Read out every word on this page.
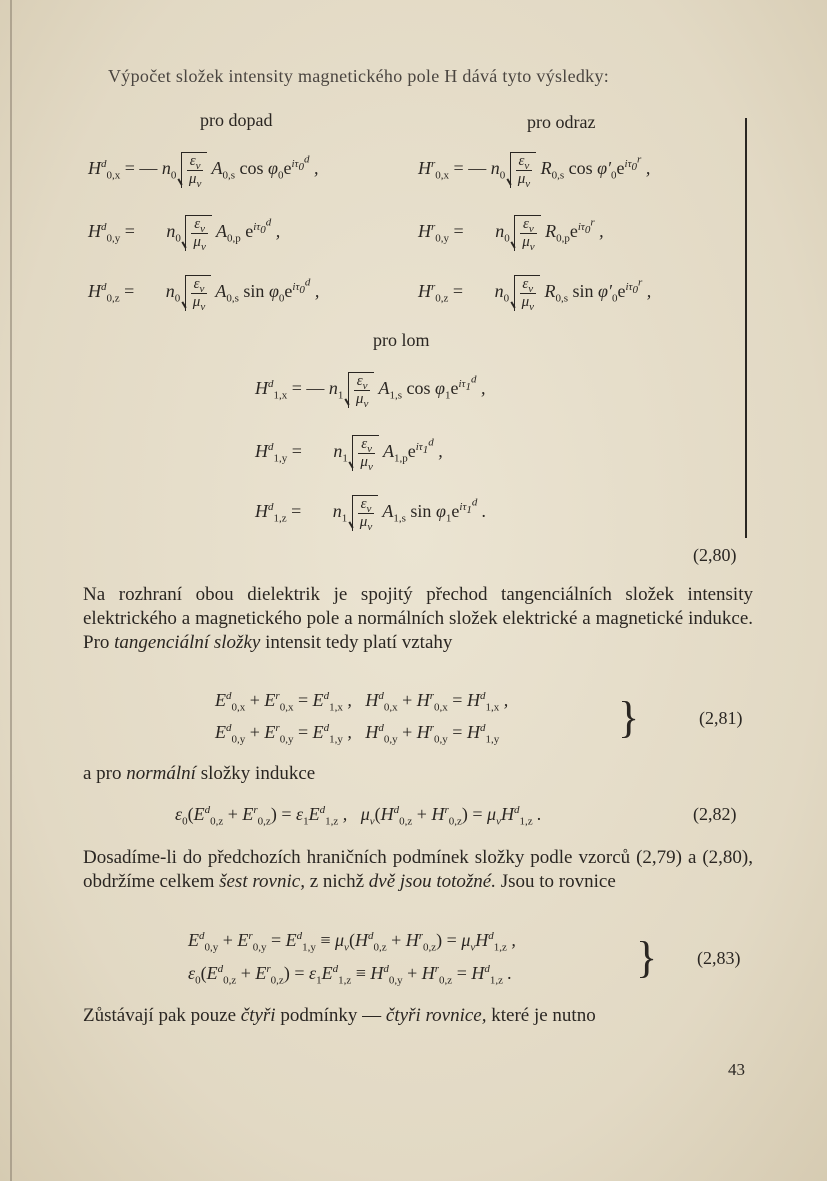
Výpočet složek intensity magnetického pole H dává tyto výsledky:
pro dopad	pro odraz
$H^d_{0,x}$ = — $n_0 \frac{\varepsilon_v}{\mu_v} A_{0,s}$ $\cos \varphi_0e^{i\tau_0^d}$ ,	$H^r_{0,x}$ = — $n_0 \frac{\varepsilon_v}{\mu_v} R_{0,s}$ $\cos \varphi'_0e^{i\tau_0^r}$ ,
$H^d_{0,y}$ =       $n_0 \frac{\varepsilon_v}{\mu_v} A_{0,p}$ $e^{i\tau_0^d}$ ,	$H^r_{0,y}$ =       $n_0 \frac{\varepsilon_v}{\mu_v} R_{0,p}e^{i\tau_0^r}$ ,
$H^d_{0,z}$ =       $n_0 \frac{\varepsilon_v}{\mu_v} A_{0,s}$ $\sin \varphi_0e^{i\tau_0^d}$ ,	$H^r_{0,z}$ =       $n_0 \frac{\varepsilon_v}{\mu_v} R_{0,s}$ $\sin \varphi'_0e^{i\tau_0^r}$ ,
pro lom
$H^d_{1,x}$ = — $n_1 \frac{\varepsilon_v}{\mu_v} A_{1,s}$ $\cos \varphi_1e^{i\tau_1^d}$ ,
$H^d_{1,y}$ =       $n_1 \frac{\varepsilon_v}{\mu_v} A_{1,p}e^{i\tau_1^d}$ ,
$H^d_{1,z}$ =       $n_1 \frac{\varepsilon_v}{\mu_v} A_{1,s}$ $\sin \varphi_1e^{i\tau_1^d}$ .
(2,80)
Na rozhraní obou dielektrik je spojitý přechod tangenciálních složek intensity elektrického a magnetického pole a normálních složek elektrické a magnetické indukce. Pro tangenciální složky intensit tedy platí vztahy
$E^d_{0,x} + E^r_{0,x} = E^d_{1,x}$ ,   $H^d_{0,x} + H^r_{0,x} = H^d_{1,x}$ ,
$E^d_{0,y} + E^r_{0,y} = E^d_{1,y}$ ,   $H^d_{0,y} + H^r_{0,y} = H^d_{1,y}$	}	(2,81)
a pro normální složky indukce
$\varepsilon_0(E^d_{0,z} + E^r_{0,z}) = \varepsilon_1E^d_{1,z}$ ,   $\mu_v(H^d_{0,z} + H^r_{0,z}) = \mu_vH^d_{1,z}$ .	(2,82)
Dosadíme-li do předchozích hraničních podmínek složky podle vzorců (2,79) a (2,80), obdržíme celkem šest rovnic, z nichž dvě jsou totožné. Jsou to rovnice
$E^d_{0,y} + E^r_{0,y} = E^d_{1,y} \equiv \mu_v(H^d_{0,z} + H^r_{0,z}) = \mu_vH^d_{1,z}$ ,
$\varepsilon_0(E^d_{0,z} + E^r_{0,z}) = \varepsilon_1E^d_{1,z} \equiv H^d_{0,y} + H^r_{0,z} = H^d_{1,z}$ .	} (2,83)
Zůstávají pak pouze čtyři podmínky — čtyři rovnice, které je nutno
43
